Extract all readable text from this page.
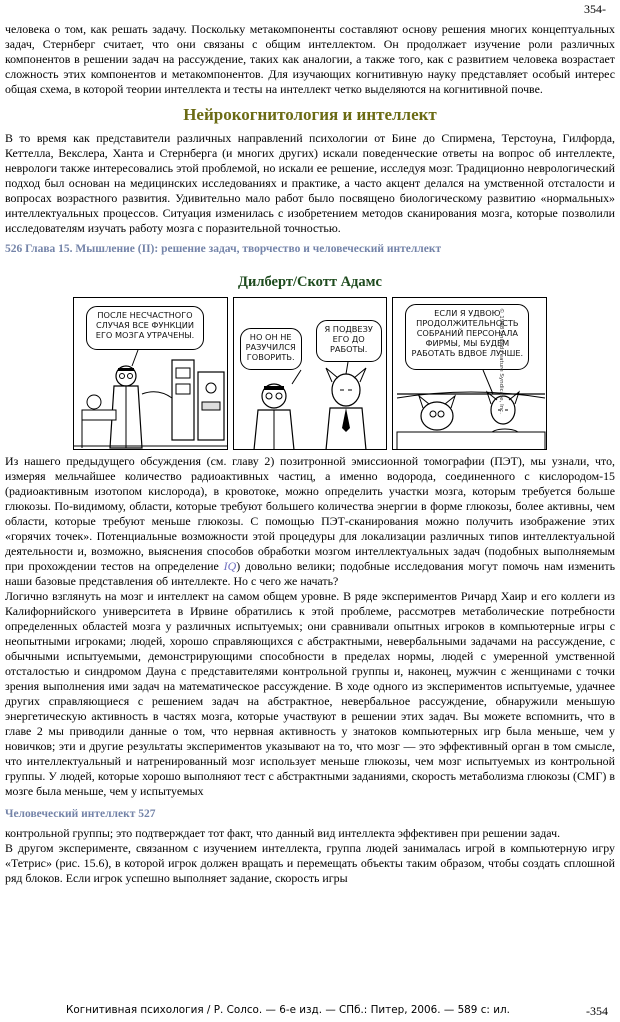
354-

человека о том, как решать задачу. Поскольку метакомпоненты составляют основу решения многих концептуальных задач, Стернберг считает, что они связаны с общим интеллектом. Он продолжает изучение роли различных компонентов в решении задач на рассуждение, таких как аналогии, а также того, как с развитием человека возрастает сложность этих компонентов и метакомпонентов. Для изучающих когнитивную науку представляет особый интерес общая схема, в которой теории интеллекта и тесты на интеллект четко выделяются на когнитивной почве.

Нейрокогнитология и интеллект

В то время как представители различных направлений психологии от Бине до Спирмена, Терстоуна, Гилфорда, Кеттелла, Векслера, Ханта и Стернберга (и многих других) искали поведенческие ответы на вопрос об интеллекте, неврологи также интересовались этой проблемой, но искали ее решение, исследуя мозг. Традиционно неврологический подход был основан на медицинских исследованиях и практике, а часто акцент делался на умственной отсталости и вопросах возрастного развития. Удивительно мало работ было посвящено биологическому развитию «нормальных» интеллектуальных процессов. Ситуация изменилась с изобретением методов сканирования мозга, которые позволили исследователям изучать работу мозга с поразительной точностью.

526 Глава 15. Мышление (II): решение задач, творчество и человеческий интеллект
Дилберт/Скотт Адамс
ПОСЛЕ НЕСЧАСТНОГО СЛУЧАЯ ВСЕ ФУНКЦИИ ЕГО МОЗГА УТРАЧЕНЫ.	НО ОН НЕ РАЗУЧИЛСЯ ГОВОРИТЬ.
Я ПОДВЕЗУ ЕГО ДО РАБОТЫ.
ЕСЛИ Я УДВОЮ ПРОДОЛЖИТЕЛЬНОСТЬ СОБРАНИЙ ПЕРСОНАЛА ФИРМЫ, МЫ БУДЕМ РАБОТАТЬ ВДВОЕ ЛУЧШЕ.
© 1998 United Feature Syndicate, Inc.

Из нашего предыдущего обсуждения (см. главу 2) позитронной эмиссионной томографии (ПЭТ), мы узнали, что, измеряя мельчайшее количество радиоактивных частиц, а именно водорода, соединенного с кислородом-15 (радиоактивным изотопом кислорода), в кровотоке, можно определить участки мозга, которым требуется больше глюкозы. По-видимому, области, которые требуют большего количества энергии в форме глюкозы, более активны, чем области, которые требуют меньше глюкозы. С помощью ПЭТ-сканирования можно получить изображение этих «горячих точек». Потенциальные возможности этой процедуры для локализации различных типов интеллектуальной деятельности и, возможно, выяснения способов обработки мозгом интеллектуальных задач (подобных выполняемым при прохождении тестов на определение IQ) довольно велики; подобные исследования могут помочь нам изменить наши базовые представления об интеллекте. Но с чего же начать?

Логично взглянуть на мозг и интеллект на самом общем уровне. В ряде экспериментов Ричард Хаир и его коллеги из Калифорнийского университета в Ирвине обратились к этой проблеме, рассмотрев метаболические потребности определенных областей мозга у различных испытуемых; они сравнивали опытных игроков в компьютерные игры с неопытными игроками; людей, хорошо справляющихся с абстрактными, невербальными задачами на рассуждение, с обычными испытуемыми, демонстрирующими способности в пределах нормы, людей с умеренной умственной отсталостью и синдромом Дауна с представителями контрольной группы и, наконец, мужчин с женщинами с точки зрения выполнения ими задач на математическое рассуждение. В ходе одного из экспериментов испытуемые, удачнее других справляющиеся с решением задач на абстрактное, невербальное рассуждение, обнаружили меньшую энергетическую активность в частях мозга, которые участвуют в решении этих задач. Вы можете вспомнить, что в главе 2 мы приводили данные о том, что нервная активность у знатоков компьютерных игр была меньше, чем у новичков; эти и другие результаты экспериментов указывают на то, что мозг — это эффективный орган в том смысле, что интеллектуальный и натренированный мозг использует меньше глюкозы, чем мозг испытуемых из контрольной группы. У людей, которые хорошо выполняют тест с абстрактными заданиями, скорость метаболизма глюкозы (СМГ) в мозге была меньше, чем у испытуемых

Человеческий интеллект 527

контрольной группы; это подтверждает тот факт, что данный вид интеллекта эффективен при решении задач.

В другом эксперименте, связанном с изучением интеллекта, группа людей занималась игрой в компьютерную игру «Тетрис» (рис. 15.6), в которой игрок должен вращать и перемещать объекты таким образом, чтобы создать сплошной ряд блоков. Если игрок успешно выполняет задание, скорость игры

Когнитивная психология / Р. Солсо. — 6-е изд. — СПб.: Питер, 2006. — 589 с: ил.	-354
